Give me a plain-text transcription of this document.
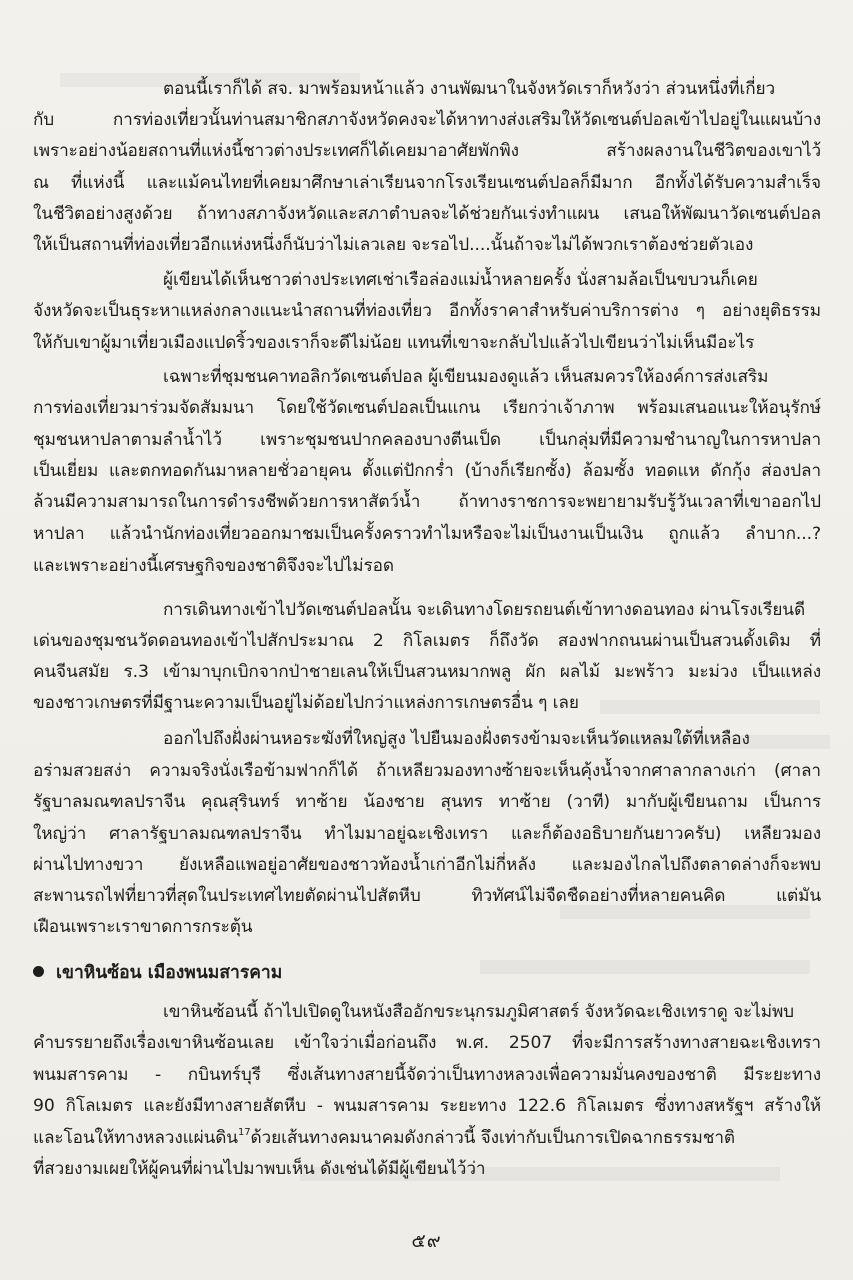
ตอนนี้เราก็ได้ สจ. มาพร้อมหน้าแล้ว งานพัฒนาในจังหวัดเราก็หวังว่า ส่วนหนึ่งที่เกี่ยว
กับ การท่องเที่ยวนั้นท่านสมาชิกสภาจังหวัดคงจะได้หาทางส่งเสริมให้วัดเซนต์ปอลเข้าไปอยู่ในแผนบ้าง
เพราะอย่างน้อยสถานที่แห่งนี้ชาวต่างประเทศก็ได้เคยมาอาศัยพักพิง สร้างผลงานในชีวิตของเขาไว้
ณ ที่แห่งนี้ และแม้คนไทยที่เคยมาศึกษาเล่าเรียนจากโรงเรียนเซนต์ปอลก็มีมาก อีกทั้งได้รับความสำเร็จ
ในชีวิตอย่างสูงด้วย ถ้าทางสภาจังหวัดและสภาตำบลจะได้ช่วยกันเร่งทำแผน เสนอให้พัฒนาวัดเซนต์ปอล
ให้เป็นสถานที่ท่องเที่ยวอีกแห่งหนึ่งก็นับว่าไม่เลวเลย จะรอไป....นั้นถ้าจะไม่ได้พวกเราต้องช่วยตัวเอง
ผู้เขียนได้เห็นชาวต่างประเทศเช่าเรือล่องแม่น้ำหลายครั้ง นั่งสามล้อเป็นขบวนก็เคย
จังหวัดจะเป็นธุระหาแหล่งกลางแนะนำสถานที่ท่องเที่ยว อีกทั้งราคาสำหรับค่าบริการต่าง ๆ อย่างยุติธรรม
ให้กับเขาผู้มาเที่ยวเมืองแปดริ้วของเราก็จะดีไม่น้อย แทนที่เขาจะกลับไปแล้วไปเขียนว่าไม่เห็นมีอะไร
เฉพาะที่ชุมชนคาทอลิกวัดเซนต์ปอล ผู้เขียนมองดูแล้ว เห็นสมควรให้องค์การส่งเสริม
การท่องเที่ยวมาร่วมจัดสัมมนา โดยใช้วัดเซนต์ปอลเป็นแกน เรียกว่าเจ้าภาพ พร้อมเสนอแนะให้อนุรักษ์
ชุมชนหาปลาตามลำน้ำไว้ เพราะชุมชนปากคลองบางตีนเป็ด เป็นกลุ่มที่มีความชำนาญในการหาปลา
เป็นเยี่ยม และตกทอดกันมาหลายชั่วอายุคน ตั้งแต่ปักกร่ำ (บ้างก็เรียกซั้ง) ล้อมซั้ง ทอดแห ดักกุ้ง ส่องปลา
ล้วนมีความสามารถในการดำรงชีพด้วยการหาสัตว์น้ำ ถ้าทางราชการจะพยายามรับรู้วันเวลาที่เขาออกไป
หาปลา แล้วนำนักท่องเที่ยวออกมาชมเป็นครั้งคราวทำไมหรือจะไม่เป็นงานเป็นเงิน ถูกแล้ว ลำบาก...?
และเพราะอย่างนี้เศรษฐกิจของชาติจึงจะไปไม่รอด
การเดินทางเข้าไปวัดเซนต์ปอลนั้น จะเดินทางโดยรถยนต์เข้าทางดอนทอง ผ่านโรงเรียนดี
เด่นของชุมชนวัดดอนทองเข้าไปสักประมาณ 2 กิโลเมตร ก็ถึงวัด สองฟากถนนผ่านเป็นสวนดั้งเดิม ที่
คนจีนสมัย ร.3 เข้ามาบุกเบิกจากป่าชายเลนให้เป็นสวนหมากพลู ผัก ผลไม้ มะพร้าว มะม่วง เป็นแหล่ง
ของชาวเกษตรที่มีฐานะความเป็นอยู่ไม่ด้อยไปกว่าแหล่งการเกษตรอื่น ๆ เลย
ออกไปถึงฝั่งผ่านหอระฆังที่ใหญ่สูง ไปยืนมองฝั่งตรงข้ามจะเห็นวัดแหลมใต้ที่เหลือง
อร่ามสวยสง่า ความจริงนั่งเรือข้ามฟากก็ได้ ถ้าเหลียวมองทางซ้ายจะเห็นคุ้งน้ำจากศาลากลางเก่า (ศาลา
รัฐบาลมณฑลปราจีน คุณสุรินทร์ ทาซ้าย น้องชาย สุนทร ทาซ้าย (วาที) มากับผู้เขียนถาม เป็นการ
ใหญ่ว่า ศาลารัฐบาลมณฑลปราจีน ทำไมมาอยู่ฉะเชิงเทรา และก็ต้องอธิบายกันยาวครับ) เหลียวมอง
ผ่านไปทางขวา ยังเหลือแพอยู่อาศัยของชาวท้องน้ำเก่าอีกไม่กี่หลัง และมองไกลไปถึงตลาดล่างก็จะพบ
สะพานรถไฟที่ยาวที่สุดในประเทศไทยตัดผ่านไปสัตหีบ ทิวทัศน์ไม่จืดชืดอย่างที่หลายคนคิด แต่มัน
เฝือนเพราะเราขาดการกระตุ้น
เขาหินซ้อน เมืองพนมสารคาม
เขาหินซ้อนนี้ ถ้าไปเปิดดูในหนังสืออักขระนุกรมภูมิศาสตร์ จังหวัดฉะเชิงเทราดู จะไม่พบ
คำบรรยายถึงเรื่องเขาหินซ้อนเลย เข้าใจว่าเมื่อก่อนถึง พ.ศ. 2507 ที่จะมีการสร้างทางสายฉะเชิงเทรา
พนมสารคาม - กบินทร์บุรี ซึ่งเส้นทางสายนี้จัดว่าเป็นทางหลวงเพื่อความมั่นคงของชาติ มีระยะทาง
90 กิโลเมตร และยังมีทางสายสัตหีบ - พนมสารคาม ระยะทาง 122.6 กิโลเมตร ซึ่งทางสหรัฐฯ สร้างให้
และโอนให้ทางหลวงแผ่นดิน$^{17}$ด้วยเส้นทางคมนาคมดังกล่าวนี้ จึงเท่ากับเป็นการเปิดฉากธรรมชาติ
ที่สวยงามเผยให้ผู้คนที่ผ่านไปมาพบเห็น ดังเช่นได้มีผู้เขียนไว้ว่า
๕๙
